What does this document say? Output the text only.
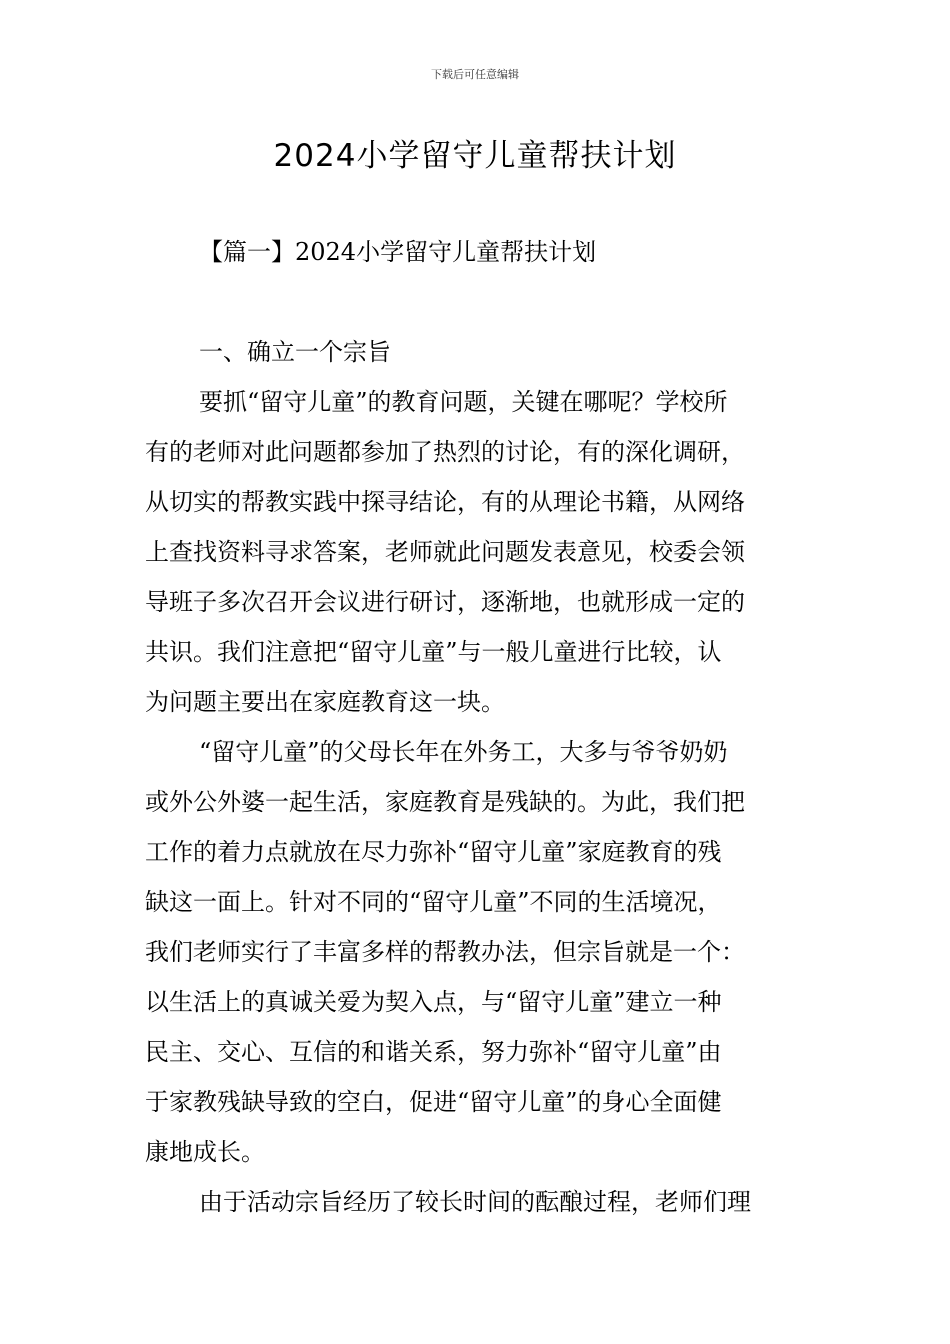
下载后可任意编辑
2024小学留守儿童帮扶计划
【篇一】2024小学留守儿童帮扶计划

一、确立一个宗旨

要抓“留守儿童”的教育问题，关键在哪呢？学校所
有的老师对此问题都参加了热烈的讨论，有的深化调研，
从切实的帮教实践中探寻结论，有的从理论书籍，从网络
上查找资料寻求答案，老师就此问题发表意见，校委会领
导班子多次召开会议进行研讨，逐渐地，也就形成一定的
共识。我们注意把“留守儿童”与一般儿童进行比较，认
为问题主要出在家庭教育这一块。
“留守儿童”的父母长年在外务工，大多与爷爷奶奶
或外公外婆一起生活，家庭教育是残缺的。为此，我们把
工作的着力点就放在尽力弥补“留守儿童”家庭教育的残
缺这一面上。针对不同的“留守儿童”不同的生活境况，
我们老师实行了丰富多样的帮教办法，但宗旨就是一个：
以生活上的真诚关爱为契入点，与“留守儿童”建立一种
民主、交心、互信的和谐关系，努力弥补“留守儿童”由
于家教残缺导致的空白，促进“留守儿童”的身心全面健
康地成长。
由于活动宗旨经历了较长时间的酝酿过程，老师们理
